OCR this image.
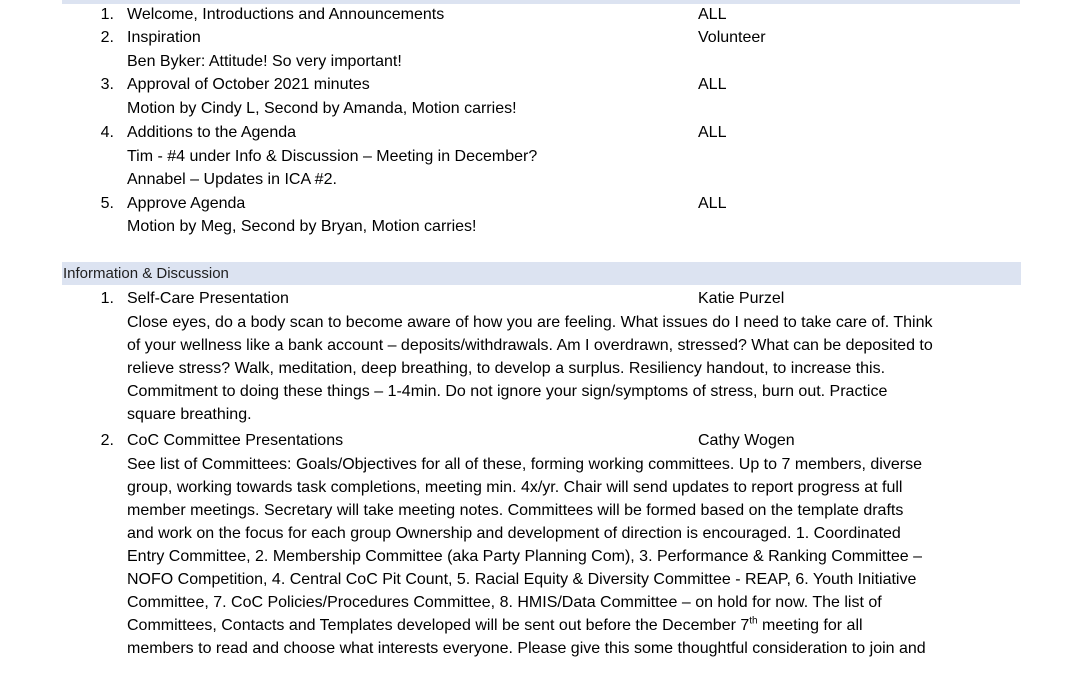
1. Welcome, Introductions and Announcements	ALL
2. Inspiration	Volunteer
Ben Byker: Attitude! So very important!
3. Approval of October 2021 minutes	ALL
Motion by Cindy L, Second by Amanda, Motion carries!
4. Additions to the Agenda	ALL
Tim - #4 under Info & Discussion – Meeting in December?
Annabel – Updates in ICA #2.
5. Approve Agenda	ALL
Motion by Meg, Second by Bryan, Motion carries!
Information & Discussion
1. Self-Care Presentation	Katie Purzel
Close eyes, do a body scan to become aware of how you are feeling. What issues do I need to take care of. Think
of your wellness like a bank account – deposits/withdrawals. Am I overdrawn, stressed? What can be deposited to
relieve stress? Walk, meditation, deep breathing, to develop a surplus. Resiliency handout, to increase this.
Commitment to doing these things – 1-4min. Do not ignore your sign/symptoms of stress, burn out. Practice
square breathing.
2. CoC Committee Presentations	Cathy Wogen
See list of Committees: Goals/Objectives for all of these, forming working committees. Up to 7 members, diverse
group, working towards task completions, meeting min. 4x/yr. Chair will send updates to report progress at full
member meetings. Secretary will take meeting notes. Committees will be formed based on the template drafts
and work on the focus for each group Ownership and development of direction is encouraged. 1. Coordinated
Entry Committee, 2. Membership Committee (aka Party Planning Com), 3. Performance & Ranking Committee –
NOFO Competition, 4. Central CoC Pit Count, 5. Racial Equity & Diversity Committee - REAP, 6. Youth Initiative
Committee, 7. CoC Policies/Procedures Committee, 8. HMIS/Data Committee – on hold for now. The list of
Committees, Contacts and Templates developed will be sent out before the December 7th meeting for all
members to read and choose what interests everyone. Please give this some thoughtful consideration to join and
